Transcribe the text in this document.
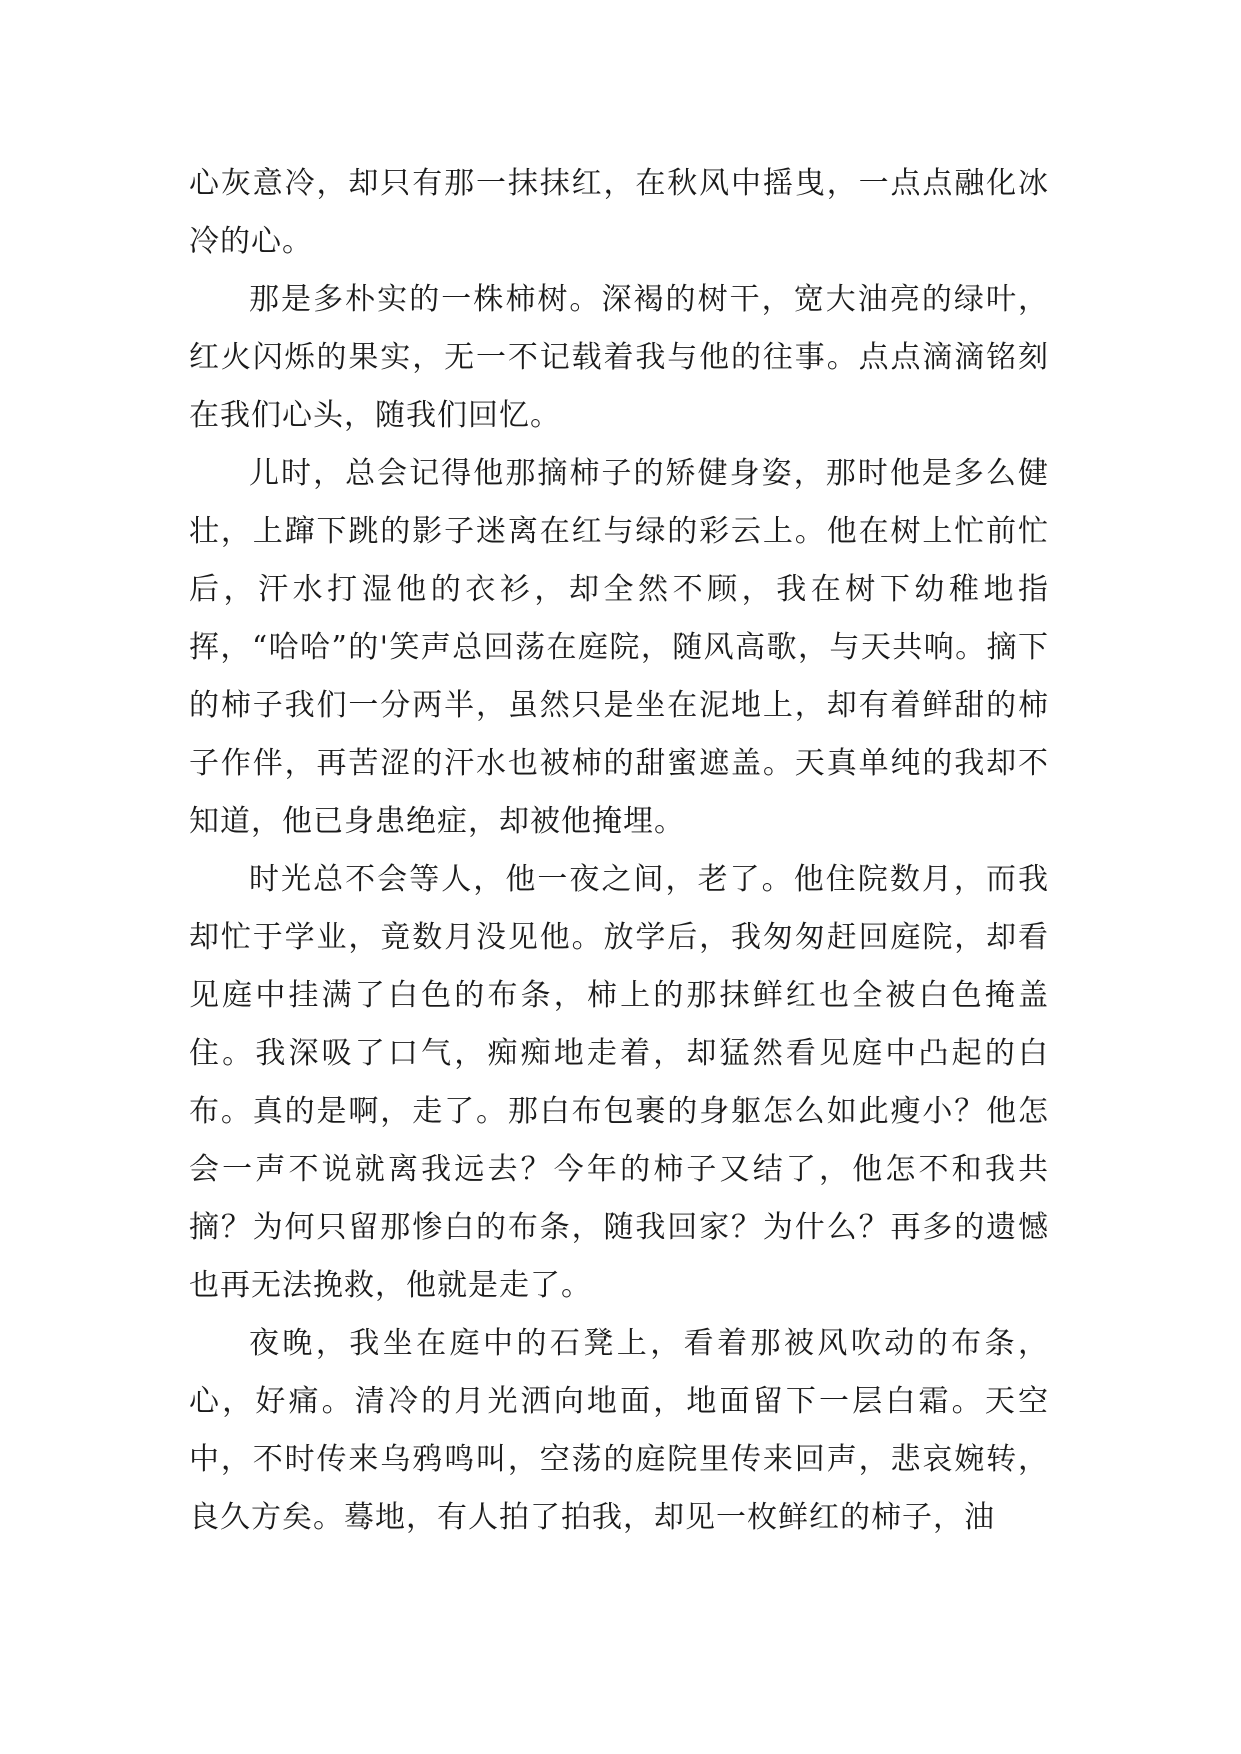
心灰意冷，却只有那一抹抹红，在秋风中摇曳，一点点融化冰冷的心。

那是多朴实的一株柿树。深褐的树干，宽大油亮的绿叶，红火闪烁的果实，无一不记载着我与他的往事。点点滴滴铭刻在我们心头，随我们回忆。

儿时，总会记得他那摘柿子的矫健身姿，那时他是多么健壮，上蹿下跳的影子迷离在红与绿的彩云上。他在树上忙前忙后，汗水打湿他的衣衫，却全然不顾，我在树下幼稚地指挥，“哈哈”的'笑声总回荡在庭院，随风高歌，与天共响。摘下的柿子我们一分两半，虽然只是坐在泥地上，却有着鲜甜的柿子作伴，再苦涩的汗水也被柿的甜蜜遮盖。天真单纯的我却不知道，他已身患绝症，却被他掩埋。

时光总不会等人，他一夜之间，老了。他住院数月，而我却忙于学业，竟数月没见他。放学后，我匆匆赶回庭院，却看见庭中挂满了白色的布条，柿上的那抹鲜红也全被白色掩盖住。我深吸了口气，痴痴地走着，却猛然看见庭中凸起的白布。真的是啊，走了。那白布包裹的身躯怎么如此瘦小？他怎会一声不说就离我远去？今年的柿子又结了，他怎不和我共摘？为何只留那惨白的布条，随我回家？为什么？再多的遗憾也再无法挽救，他就是走了。

夜晚，我坐在庭中的石凳上，看着那被风吹动的布条，心，好痛。清冷的月光洒向地面，地面留下一层白霜。天空中，不时传来乌鸦鸣叫，空荡的庭院里传来回声，悲哀婉转，良久方矣。蓦地，有人拍了拍我，却见一枚鲜红的柿子，油
